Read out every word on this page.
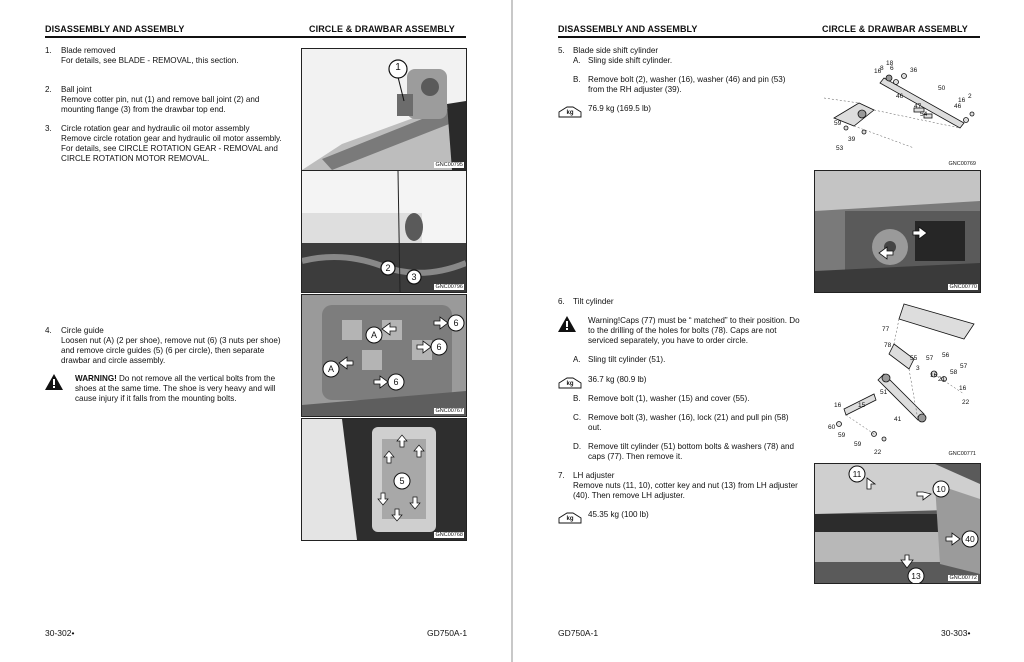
DISASSEMBLY AND ASSEMBLY	CIRCLE & DRAWBAR ASSEMBLY
1. Blade removed
For details, see BLADE - REMOVAL, this section.
2. Ball joint
Remove cotter pin, nut (1) and remove ball joint (2) and
mounting flange (3) from the drawbar top end.
3. Circle rotation gear and hydraulic oil motor assembly
Remove circle rotation gear and hydraulic oil motor assembly.
For details, see CIRCLE ROTATION GEAR - REMOVAL and
CIRCLE ROTATION MOTOR REMOVAL.
4. Circle guide
Loosen nut (A) (2 per shoe), remove nut (6) (3 nuts per shoe)
and remove circle guides (5) (6 per circle), then separate
drawbar and circle assembly.
WARNING! Do not remove all the vertical bolts from the
shoes at the same time. The shoe is very heavy and will
cause injury if it falls from the mounting bolts.
1
GNC00795
2
3
GNC00796
A
A
6
6
6
GNC00767
5
GNC00768
30-302•	GD750A-1
DISASSEMBLY AND ASSEMBLY	CIRCLE & DRAWBAR ASSEMBLY
5. Blade side shift cylinder
A. Sling side shift cylinder.
B. Remove bolt (2), washer (16), washer (46) and pin (53)
from the RH adjuster (39).
kg	76.9 kg (169.5 lb)
6. Tilt cylinder
Warning!Caps (77) must be “ matched” to their position. Do
to the drilling of the holes for bolts (78). Caps are not
serviced separately, you have to order circle.
A. Sling tilt cylinder (51).
kg	36.7 kg (80.9 lb)
B. Remove bolt (1), washer (15) and cover (55).
C. Remove bolt (3), washer (16), lock (21) and pull pin (58)
out.
D. Remove tilt cylinder (51) bottom bolts & washers (78) and
caps (77). Then remove it.
7. LH adjuster
Remove nuts (11, 10), cotter key and nut (13) from LH adjuster
(40). Then remove LH adjuster.
kg	45.35 kg (100 lb)
18
16
8 6	36
50
16
2
46
47
54
59
39
46
53
GNC00769
GNC00770
77
78
55 57 56
3
16
21
58
16
57
51
22
60
59
22
41
16	15
59
GNC00771
11
10
40
13	GNC00772
GD750A-1	30-303•
